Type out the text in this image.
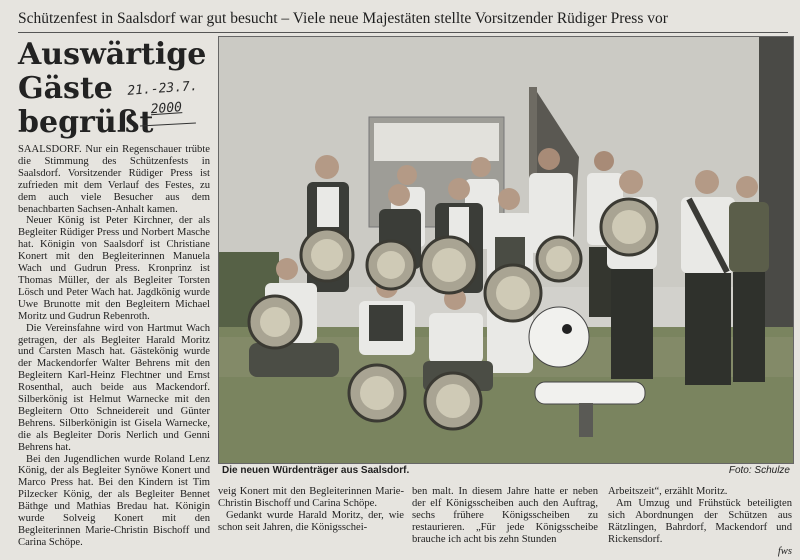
Schützenfest in Saalsdorf war gut besucht – Viele neue Majestäten stellte Vorsitzender Rüdiger Press vor
Auswärtige
Gäste
begrüßt
21.-23.7.
2000

SAALSDORF. Nur ein Regenschauer trübte die Stimmung des Schützenfests in Saalsdorf. Vorsitzender Rüdiger Press ist zufrieden mit dem Verlauf des Festes, zu dem auch viele Besucher aus dem benachbarten Sachsen-Anhalt kamen.

Neuer König ist Peter Kirchner, der als Begleiter Rüdiger Press und Norbert Masche hat. Königin von Saalsdorf ist Christiane Konert mit den Begleiterinnen Manuela Wach und Gudrun Press. Kronprinz ist Thomas Müller, der als Begleiter Torsten Lösch und Peter Wach hat. Jagdkönig wurde Uwe Brunotte mit den Begleitern Michael Moritz und Gudrun Rebenroth.

Die Vereinsfahne wird von Hartmut Wach getragen, der als Begleiter Harald Moritz und Carsten Masch hat. Gästekönig wurde der Mackendorfer Walter Behrens mit den Begleitern Karl-Heinz Flechtner und Ernst Rosenthal, auch beide aus Mackendorf. Silberkönig ist Helmut Warnecke mit den Begleitern Otto Schneidereit und Günter Behrens. Silberkönigin ist Gisela Warnecke, die als Begleiter Doris Nerlich und Genni Behrens hat.

Bei den Jugendlichen wurde Roland Lenz König, der als Begleiter Synöwe Konert und Marco Press hat. Bei den Kindern ist Tim Pilzecker König, der als Begleiter Bennet Bäthge und Mathias Bredau hat. Königin wurde Solveig Konert mit den Begleiterinnen Marie-Christin Bischoff und Carina Schöpe.

Die neuen Würdenträger aus Saalsdorf.	Foto: Schulze

veig Konert mit den Begleiterinnen Marie-Christin Bischoff und Carina Schöpe.

Gedankt wurde Harald Moritz, der, wie schon seit Jahren, die Königsschei-

ben malt. In diesem Jahre hatte er neben der elf Königsscheiben auch den Auftrag, sechs frühere Königsscheiben zu restaurieren. „Für jede Königsscheibe brauche ich acht bis zehn Stunden

Arbeitszeit“, erzählt Moritz.

Am Umzug und Frühstück beteiligten sich Abordnungen der Schützen aus Rätzlingen, Bahrdorf, Mackendorf und Rickensdorf.

fws
